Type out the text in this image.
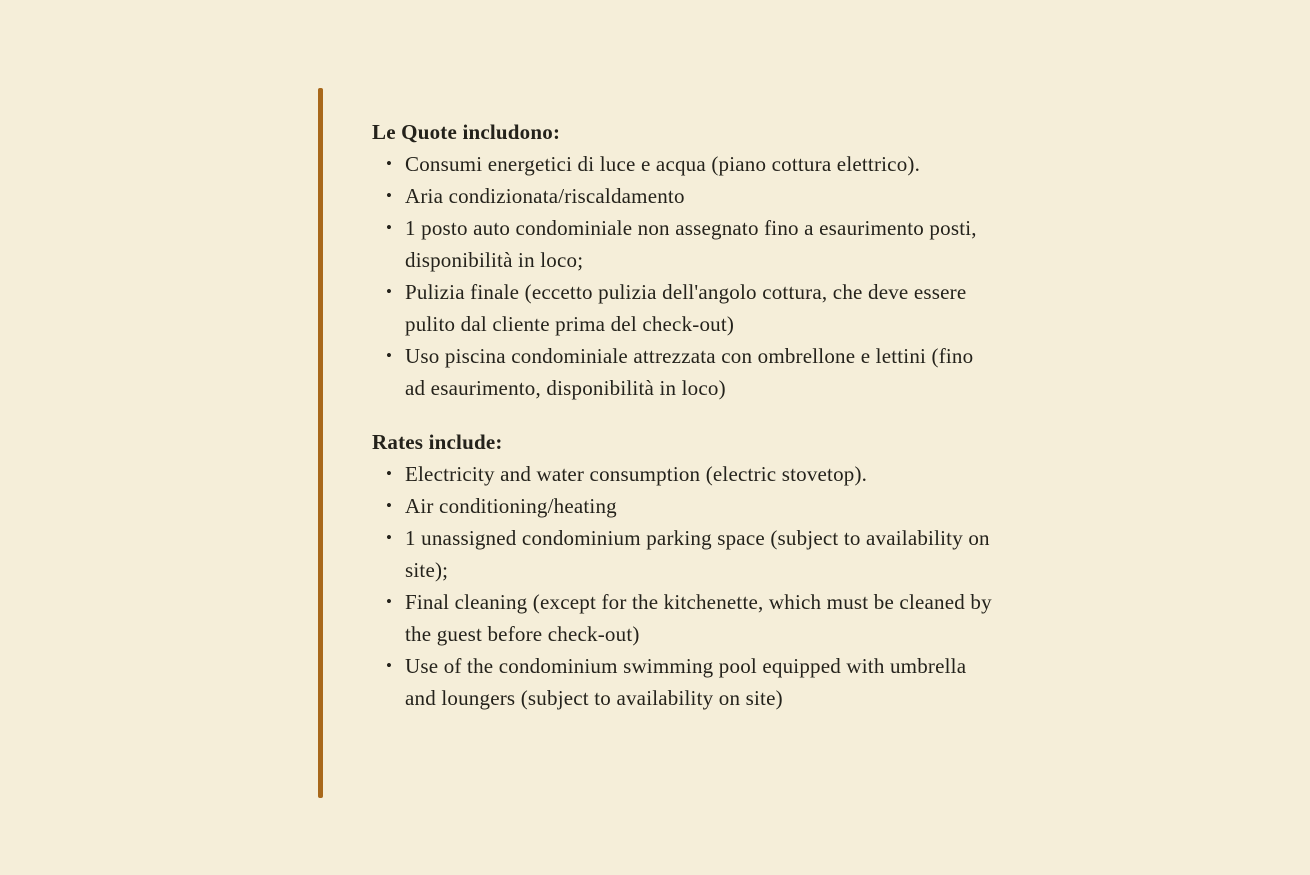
Le Quote includono:
• Consumi energetici di luce e acqua (piano cottura elettrico).
• Aria condizionata/riscaldamento
• 1 posto auto condominiale non assegnato fino a esaurimento posti, disponibilità in loco;
• Pulizia finale (eccetto pulizia dell'angolo cottura, che deve essere pulito dal cliente prima del check-out)
• Uso piscina condominiale attrezzata con ombrellone e lettini (fino ad esaurimento, disponibilità in loco)
Rates include:
• Electricity and water consumption (electric stovetop).
• Air conditioning/heating
• 1 unassigned condominium parking space (subject to availability on site);
• Final cleaning (except for the kitchenette, which must be cleaned by the guest before check-out)
• Use of the condominium swimming pool equipped with umbrella and loungers (subject to availability on site)
